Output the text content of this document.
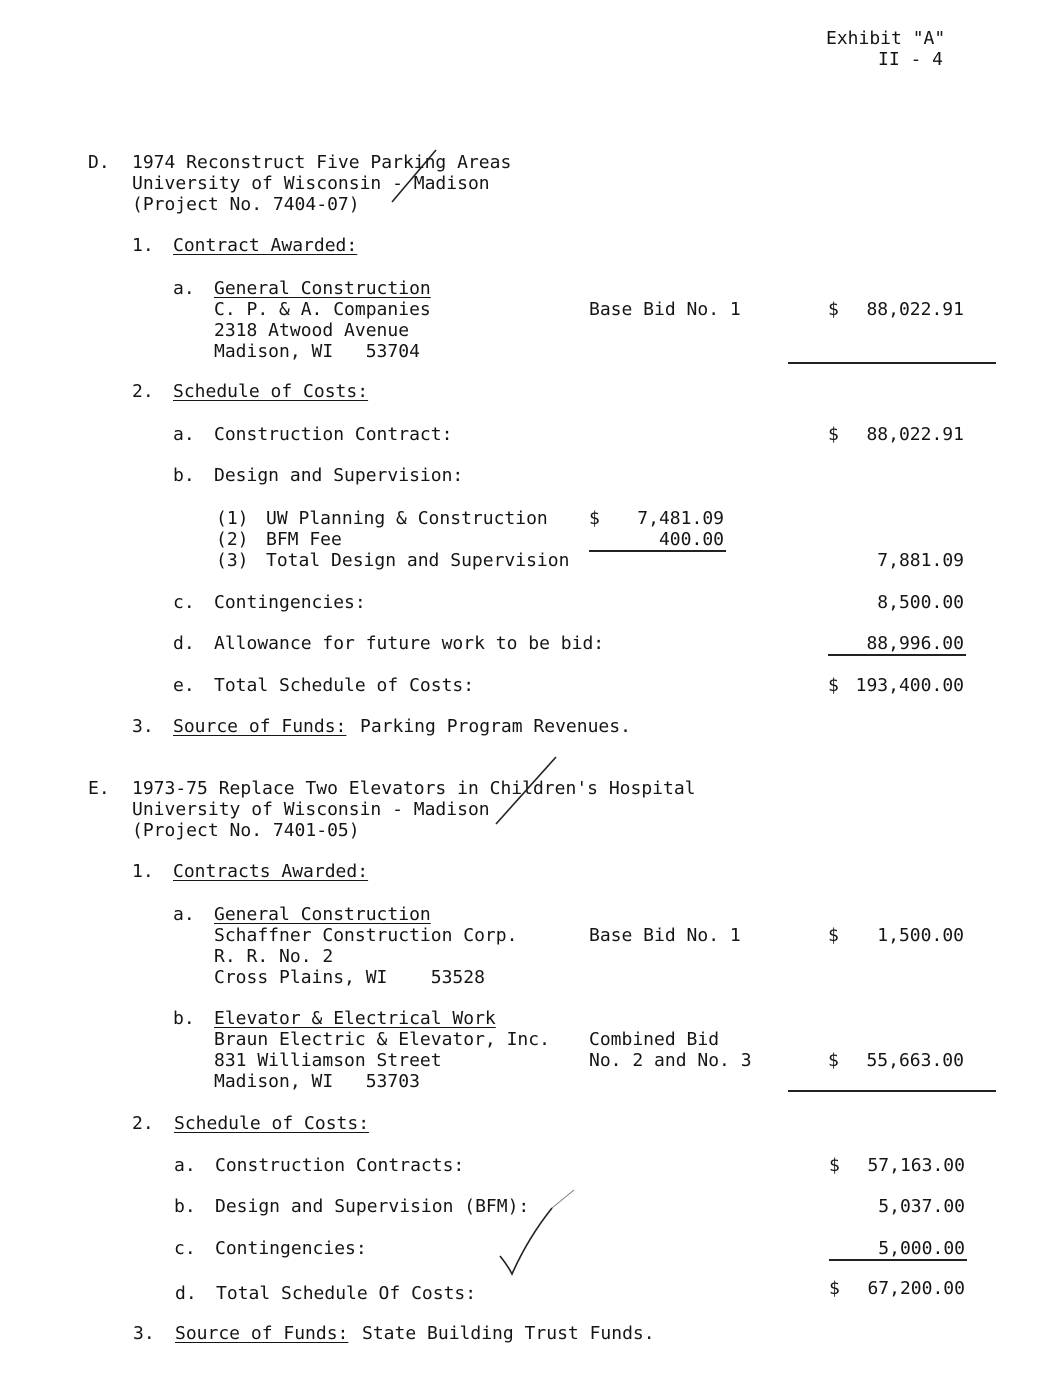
Exhibit "A"
II - 4
D. 1974 Reconstruct Five Parking Areas
University of Wisconsin - Madison
(Project No. 7404-07)
1. Contract Awarded:
a. General Construction
C. P. & A. Companies
2318 Atwood Avenue
Madison, WI   53704
Base Bid No. 1	$	88,022.91
2. Schedule of Costs:
a. Construction Contract:	$	88,022.91
b. Design and Supervision:
(1) UW Planning & Construction $	7,481.09
(2) BFM Fee	400.00
(3) Total Design and Supervision	7,881.09
c. Contingencies:	8,500.00
d. Allowance for future work to be bid:	88,996.00
e. Total Schedule of Costs:	$ 193,400.00
3. Source of Funds: Parking Program Revenues.
E. 1973-75 Replace Two Elevators in Children's Hospital
University of Wisconsin - Madison
(Project No. 7401-05)
1. Contracts Awarded:
a. General Construction
Schaffner Construction Corp.
R. R. No. 2
Cross Plains, WI    53528
Base Bid No. 1	$	1,500.00
b. Elevator & Electrical Work
Braun Electric & Elevator, Inc.
831 Williamson Street
Madison, WI   53703
Combined Bid
No. 2 and No. 3	$	55,663.00
2. Schedule of Costs:
a. Construction Contracts:	$	57,163.00
b. Design and Supervision (BFM):	5,037.00
c. Contingencies:	5,000.00
d. Total Schedule Of Costs:	$	67,200.00
3. Source of Funds: State Building Trust Funds.
